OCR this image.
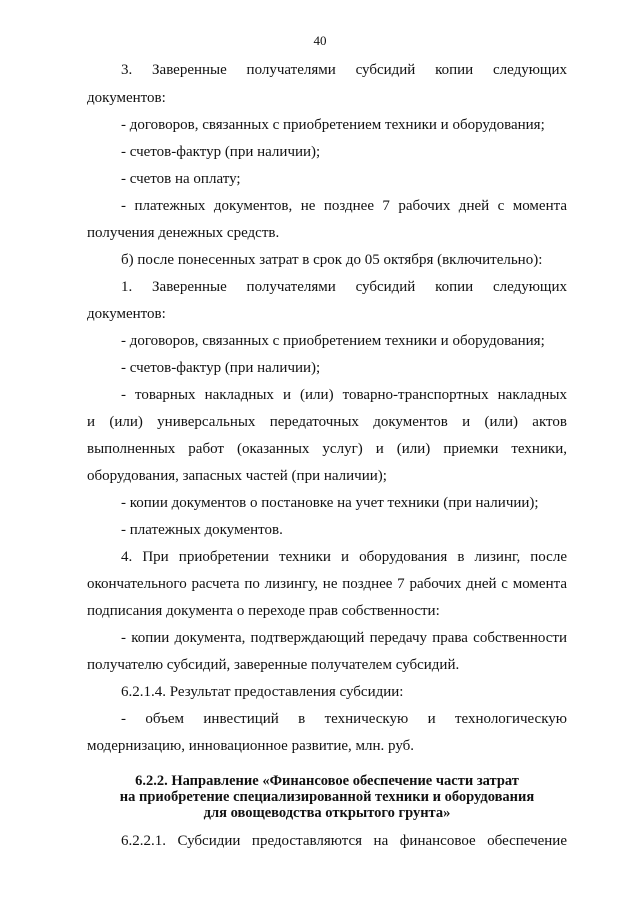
40
3. Заверенные получателями субсидий копии следующих
документов:
- договоров, связанных с приобретением техники и оборудования;
- счетов-фактур (при наличии);
- счетов на оплату;
- платежных документов, не позднее 7 рабочих дней с момента
получения денежных средств.
б) после понесенных затрат в срок до 05 октября (включительно):
1. Заверенные получателями субсидий копии следующих
документов:
- договоров, связанных с приобретением техники и оборудования;
- счетов-фактур (при наличии);
- товарных накладных и (или) товарно-транспортных накладных
и (или) универсальных передаточных документов и (или) актов
выполненных работ (оказанных услуг) и (или) приемки техники,
оборудования, запасных частей (при наличии);
- копии документов о постановке на учет техники (при наличии);
- платежных документов.
4. При приобретении техники и оборудования в лизинг, после
окончательного расчета по лизингу, не позднее 7 рабочих дней с момента
подписания документа о переходе прав собственности:
- копии документа, подтверждающий передачу права собственности
получателю субсидий, заверенные получателем субсидий.
6.2.1.4. Результат предоставления субсидии:
- объем инвестиций в техническую и технологическую
модернизацию, инновационное развитие, млн. руб.
6.2.2. Направление «Финансовое обеспечение части затрат
на приобретение специализированной техники и оборудования
для овощеводства открытого грунта»
6.2.2.1. Субсидии предоставляются на финансовое обеспечение
